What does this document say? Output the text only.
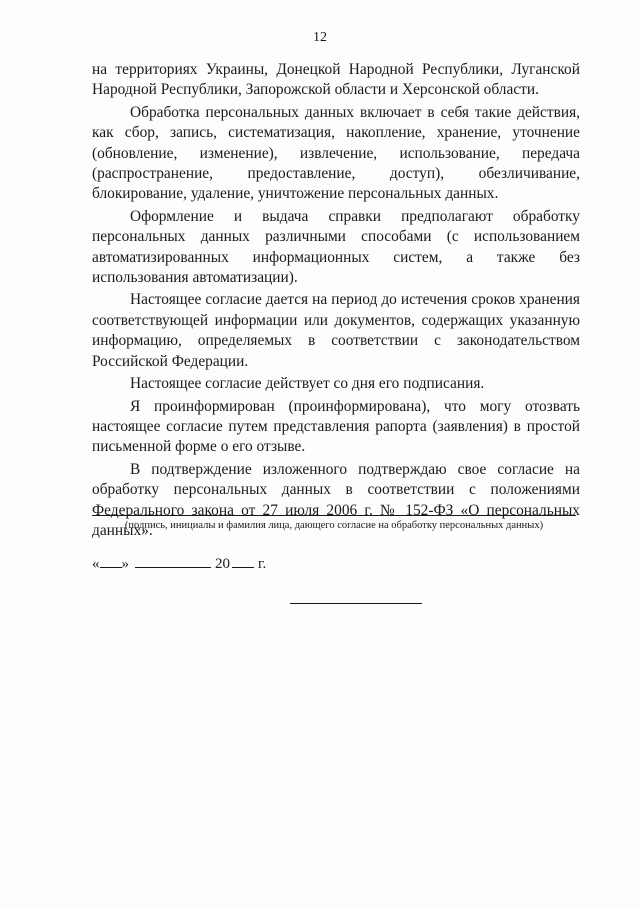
12

на территориях Украины, Донецкой Народной Республики, Луганской Народной Республики, Запорожской области и Херсонской области.

Обработка персональных данных включает в себя такие действия, как сбор, запись, систематизация, накопление, хранение, уточнение (обновление, изменение), извлечение, использование, передача (распространение, предоставление, доступ), обезличивание, блокирование, удаление, уничтожение персональных данных.

Оформление и выдача справки предполагают обработку персональных данных различными способами (с использованием автоматизированных информационных систем, а также без использования автоматизации).

Настоящее согласие дается на период до истечения сроков хранения соответствующей информации или документов, содержащих указанную информацию, определяемых в соответствии с законодательством Российской Федерации.

Настоящее согласие действует со дня его подписания.

Я проинформирован (проинформирована), что могу отозвать настоящее согласие путем представления рапорта (заявления) в простой письменной форме о его отзыве.

В подтверждение изложенного подтверждаю свое согласие на обработку персональных данных в соответствии с положениями Федерального закона от 27 июля 2006 г. № 152-ФЗ «О персональных данных».

(подпись, инициалы и фамилия лица, дающего согласие на обработку персональных данных)
« »	20 г.
